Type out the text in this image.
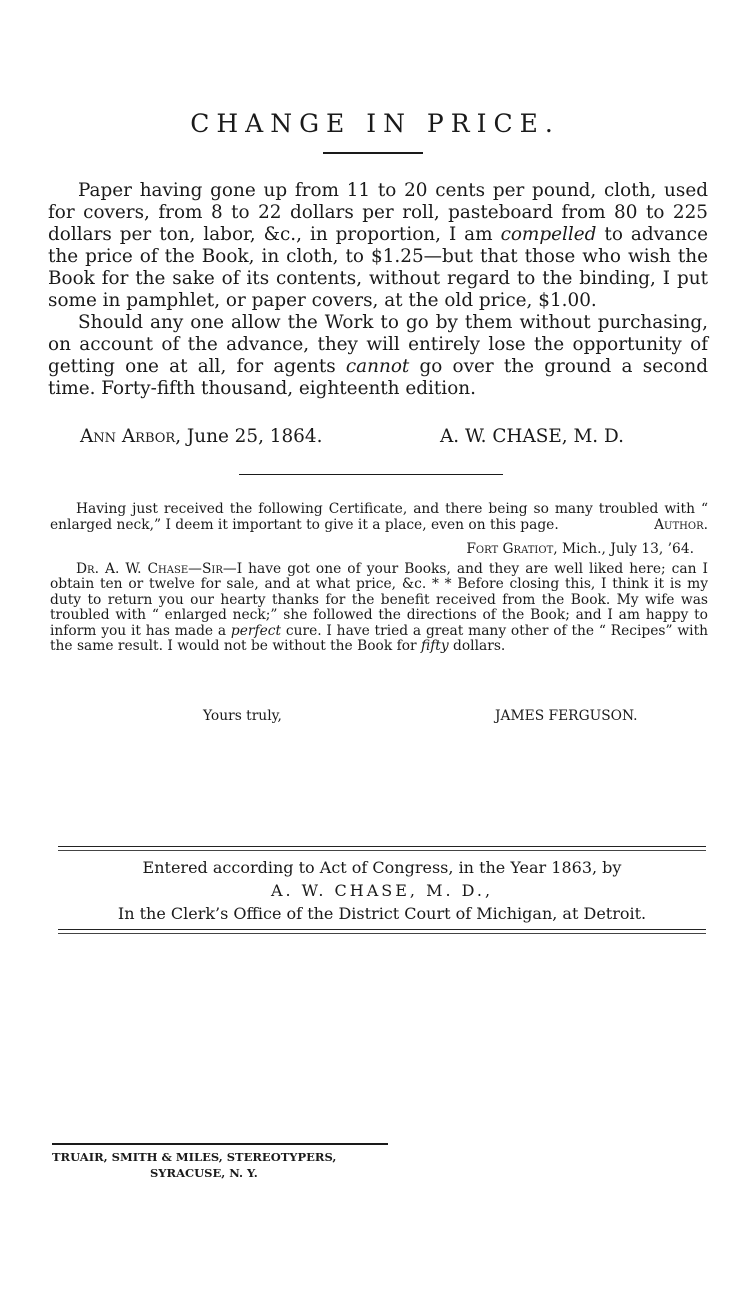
CHANGE IN PRICE.

Paper having gone up from 11 to 20 cents per pound, cloth, used for covers, from 8 to 22 dollars per roll, pasteboard from 80 to 225 dollars per ton, labor, &c., in proportion, I am compelled to advance the price of the Book, in cloth, to $1.25—but that those who wish the Book for the sake of its contents, without regard to the binding, I put some in pamphlet, or paper covers, at the old price, $1.00.

Should any one allow the Work to go by them without purchasing, on account of the advance, they will entirely lose the opportunity of getting one at all, for agents cannot go over the ground a second time. Forty-fifth thousand, eighteenth edition.

Ann Arbor, June 25, 1864.	A. W. CHASE, M. D.

Having just received the following Certificate, and there being so many troubled with “ enlarged neck,” I deem it important to give it a place, even on this page.	Author.
Fort Gratiot, Mich., July 13, ’64.

Dr. A. W. Chase—Sir—I have got one of your Books, and they are well liked here; can I obtain ten or twelve for sale, and at what price, &c. * * Before closing this, I think it is my duty to return you our hearty thanks for the benefit received from the Book. My wife was troubled with “ enlarged neck;” she followed the directions of the Book; and I am happy to inform you it has made a perfect cure. I have tried a great many other of the “ Recipes” with the same result. I would not be without the Book for fifty dollars.

Yours truly,	JAMES FERGUSON.
Entered according to Act of Congress, in the Year 1863, by
A. W. CHASE, M. D.,
In the Clerk’s Office of the District Court of Michigan, at Detroit.
TRUAIR, SMITH & MILES, STEREOTYPERS,
SYRACUSE, N. Y.
